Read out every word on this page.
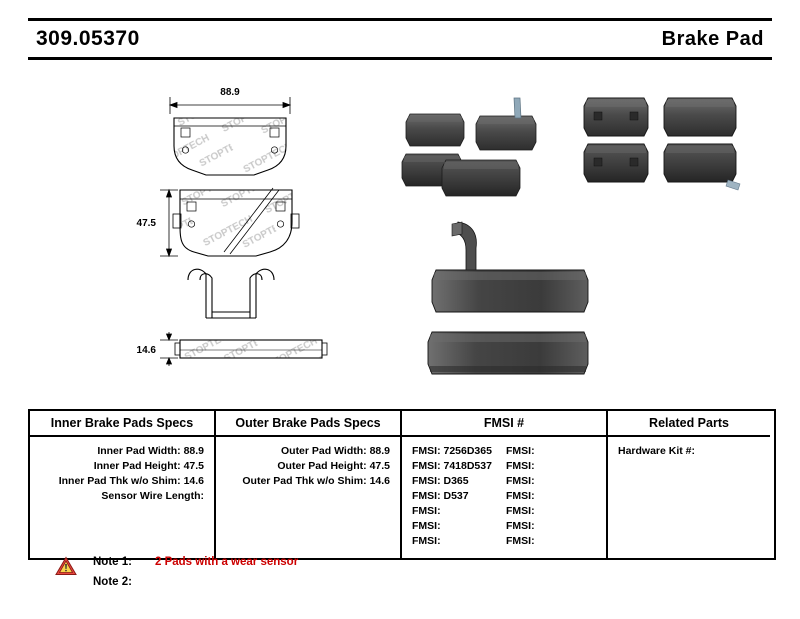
309.05370	Brake Pad
88.9
47.5
14.6
Inner Brake Pads Specs
Inner Pad Width: 88.9
Inner Pad Height: 47.5
Inner Pad Thk w/o Shim: 14.6
Sensor Wire Length:
Outer Brake Pads Specs
Outer Pad Width: 88.9
Outer Pad Height: 47.5
Outer Pad Thk w/o Shim: 14.6
FMSI #
FMSI: 7256D365
FMSI: 7418D537
FMSI: D365
FMSI: D537
FMSI:
FMSI:
FMSI:
FMSI:
FMSI:
FMSI:
FMSI:
FMSI:
FMSI:
FMSI:
Related Parts
Hardware Kit #:
Note 1:	2 Pads with a wear sensor
Note 2:
